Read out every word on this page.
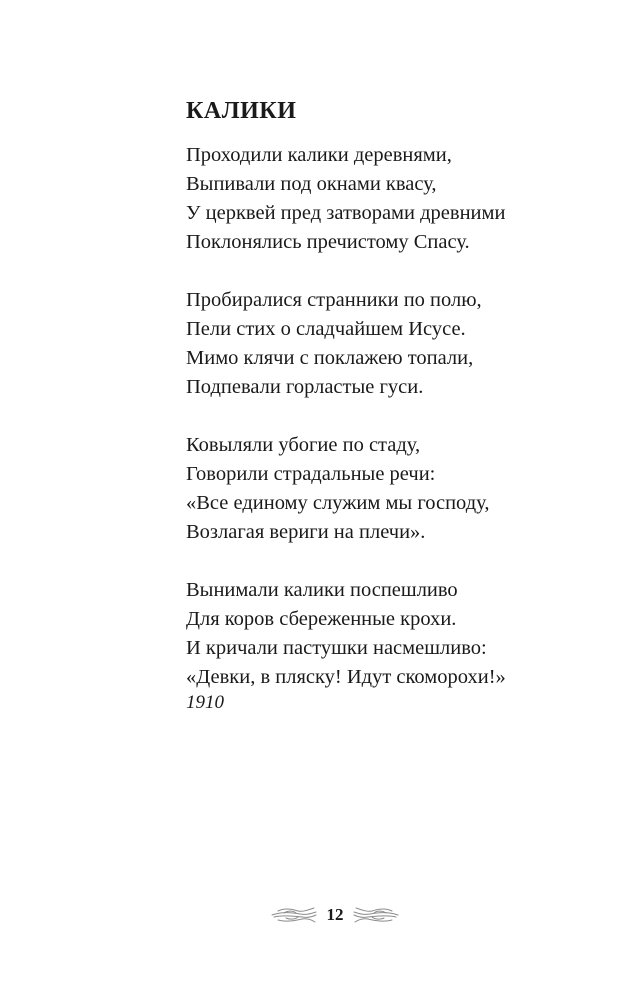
КАЛИКИ
Проходили калики деревнями,
Выпивали под окнами квасу,
У церквей пред затворами древними
Поклонялись пречистому Спасу.
Пробиралися странники по полю,
Пели стих о сладчайшем Исусе.
Мимо клячи с поклажею топали,
Подпевали горластые гуси.
Ковыляли убогие по стаду,
Говорили страдальные речи:
«Все единому служим мы господу,
Возлагая вериги на плечи».
Вынимали калики поспешливо
Для коров сбереженные крохи.
И кричали пастушки насмешливо:
«Девки, в пляску! Идут скоморохи!»
1910
12
